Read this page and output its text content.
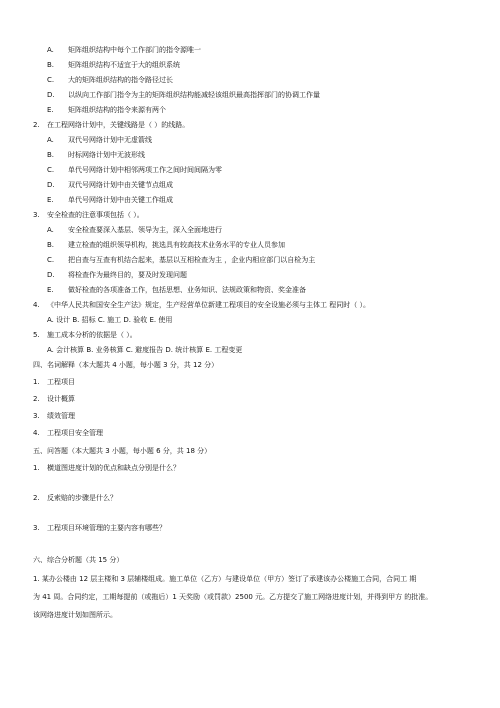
A.	矩阵组织结构中每个工作部门的指令源唯一
B.	矩阵组织结构不适宜于大的组织系统
C.	大的矩阵组织结构的指令路径过长
D.	以纵向工作部门指令为主的矩阵组织结构能减轻该组织最高指挥部门的协调工作量
E.	矩阵组织结构的指令来源有两个
2. 在工程网络计划中，关键线路是（ ）的线路。
A.	双代号网络计划中无虚箭线
B.	时标网络计划中无波形线
C.	单代号网络计划中相邻两项工作之间时间间隔为零
D.	双代号网络计划中由关键节点组成
E.	单代号网络计划中由关键工作组成
3. 安全检查的注意事项包括（ ）。
A.	安全检查要深入基层、领导为主，深入全面地进行
B.	建立检查的组织领导机构，挑选具有较高技术业务水平的专业人员参加
C.	把自查与互查有机结合起来，基层以互相检查为主 ，企业内相应部门以自检为主
D.	将检查作为最终目的，要及时发现问题
E.	做好检查的各项准备工作，包括思想、业务知识、法规政策和物资、奖金准备
4. 《中华人民共和国安全生产法》规定，生产经营单位新建工程项目的安全设施必须与主体工 程同时（ ）。
A. 设计 B. 招标 C. 施工 D. 验收 E. 使用
5. 施工成本分析的依据是（ ）。
A. 会计核算 B. 业务核算 C. 避度报告 D. 统计核算 E. 工程变更
四、名词解释（本大题共 4 小题，每小题 3 分，共 12 分）
1. 工程项目
2. 设计概算
3. 绩效管理
4. 工程项目安全管理
五、问答题（本大题共 3 小题，每小题 6 分，共 18 分）
1. 横道图进度计划的优点和缺点分别是什么？
2. 反索赔的步骤是什么？
3. 工程项目环境管理的主要内容有哪些？
六、综合分析题（共 15 分）
1. 某办公楼由 12 层主楼和 3 层辅楼组成。施工单位（乙方）与建设单位（甲方）签订了承建该办公楼施工合同，合同工 期
为 41 周。合同约定，工期每提前（或拖后）1 天奖励（或罚款）2500 元。乙方提交了施工网络进度计划，并得到甲方 的批准。
该网络进度计划如图所示。
